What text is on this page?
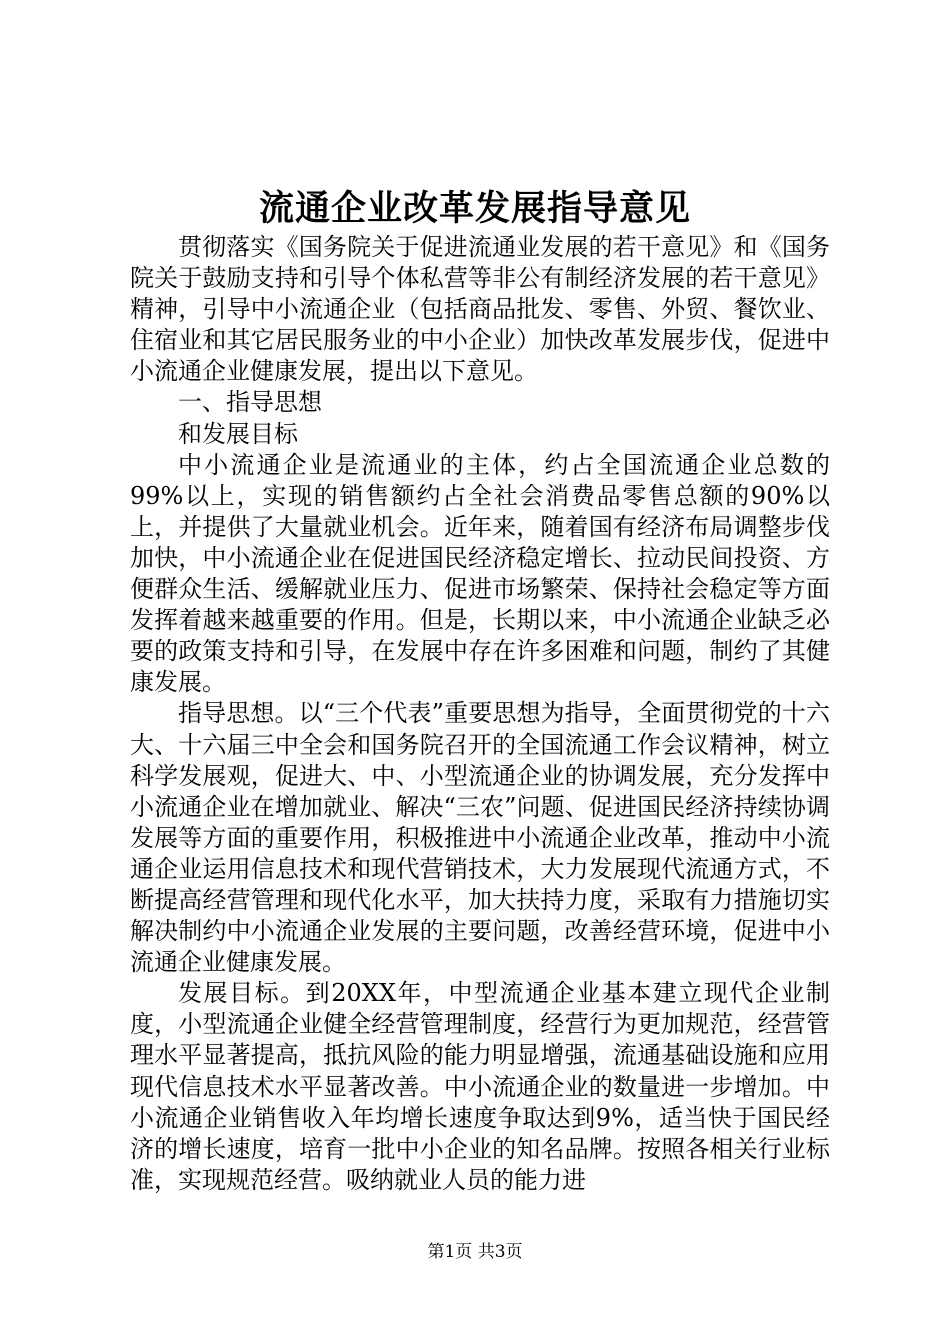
流通企业改革发展指导意见

贯彻落实《国务院关于促进流通业发展的若干意见》和《国务院关于鼓励支持和引导个体私营等非公有制经济发展的若干意见》精神，引导中小流通企业（包括商品批发、零售、外贸、餐饮业、住宿业和其它居民服务业的中小企业）加快改革发展步伐，促进中小流通企业健康发展，提出以下意见。

一、指导思想

和发展目标

中小流通企业是流通业的主体，约占全国流通企业总数的99%以上，实现的销售额约占全社会消费品零售总额的90%以上，并提供了大量就业机会。近年来，随着国有经济布局调整步伐加快，中小流通企业在促进国民经济稳定增长、拉动民间投资、方便群众生活、缓解就业压力、促进市场繁荣、保持社会稳定等方面发挥着越来越重要的作用。但是，长期以来，中小流通企业缺乏必要的政策支持和引导，在发展中存在许多困难和问题，制约了其健康发展。

指导思想。以“三个代表”重要思想为指导，全面贯彻党的十六大、十六届三中全会和国务院召开的全国流通工作会议精神，树立科学发展观，促进大、中、小型流通企业的协调发展，充分发挥中小流通企业在增加就业、解决“三农”问题、促进国民经济持续协调发展等方面的重要作用，积极推进中小流通企业改革，推动中小流通企业运用信息技术和现代营销技术，大力发展现代流通方式，不断提高经营管理和现代化水平，加大扶持力度，采取有力措施切实解决制约中小流通企业发展的主要问题，改善经营环境，促进中小流通企业健康发展。

发展目标。到20XX年，中型流通企业基本建立现代企业制度，小型流通企业健全经营管理制度，经营行为更加规范，经营管理水平显著提高，抵抗风险的能力明显增强，流通基础设施和应用现代信息技术水平显著改善。中小流通企业的数量进一步增加。中小流通企业销售收入年均增长速度争取达到9%，适当快于国民经济的增长速度，培育一批中小企业的知名品牌。按照各相关行业标准，实现规范经营。吸纳就业人员的能力进

第1页 共3页
